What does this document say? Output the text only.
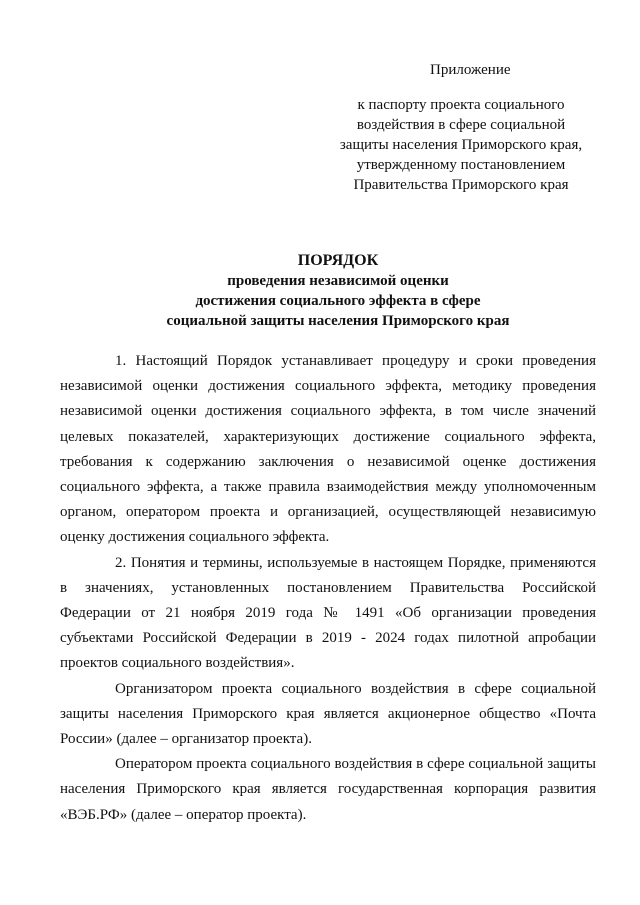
Приложение
к паспорту проекта социального
воздействия в сфере социальной
защиты населения Приморского края,
утвержденному постановлением
Правительства Приморского края
ПОРЯДОК
проведения независимой оценки
достижения социального эффекта в сфере
социальной защиты населения Приморского края

1. Настоящий Порядок устанавливает процедуру и сроки проведения независимой оценки достижения социального эффекта, методику проведения независимой оценки достижения социального эффекта, в том числе значений целевых показателей, характеризующих достижение социального эффекта, требования к содержанию заключения о независимой оценке достижения социального эффекта, а также правила взаимодействия между уполномоченным органом, оператором проекта и организацией, осуществляющей независимую оценку достижения социального эффекта.

2. Понятия и термины, используемые в настоящем Порядке, применяются в значениях, установленных постановлением Правительства Российской Федерации от 21 ноября 2019 года № 1491 «Об организации проведения субъектами Российской Федерации в 2019 - 2024 годах пилотной апробации проектов социального воздействия».

Организатором проекта социального воздействия в сфере социальной защиты населения Приморского края является акционерное общество «Почта России» (далее – организатор проекта).

Оператором проекта социального воздействия в сфере социальной защиты населения Приморского края является государственная корпорация развития «ВЭБ.РФ» (далее – оператор проекта).
